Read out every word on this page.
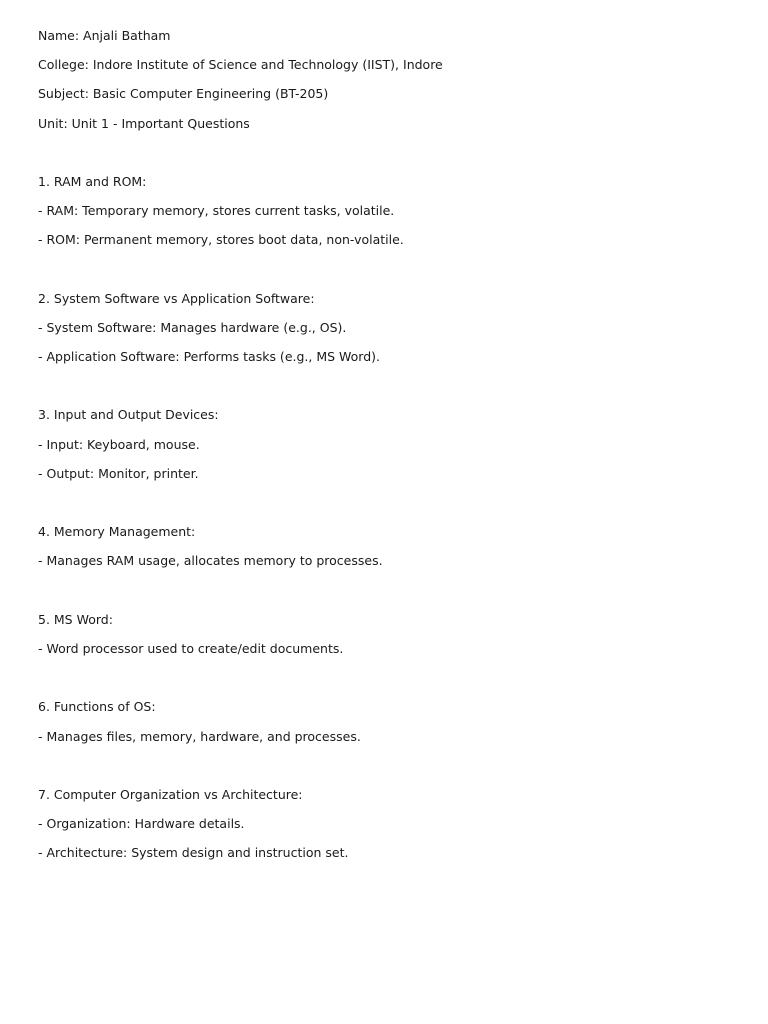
Name: Anjali Batham
College: Indore Institute of Science and Technology (IIST), Indore
Subject: Basic Computer Engineering (BT-205)
Unit: Unit 1 - Important Questions
1. RAM and ROM:
- RAM: Temporary memory, stores current tasks, volatile.
- ROM: Permanent memory, stores boot data, non-volatile.
2. System Software vs Application Software:
- System Software: Manages hardware (e.g., OS).
- Application Software: Performs tasks (e.g., MS Word).
3. Input and Output Devices:
- Input: Keyboard, mouse.
- Output: Monitor, printer.
4. Memory Management:
- Manages RAM usage, allocates memory to processes.
5. MS Word:
- Word processor used to create/edit documents.
6. Functions of OS:
- Manages files, memory, hardware, and processes.
7. Computer Organization vs Architecture:
- Organization: Hardware details.
- Architecture: System design and instruction set.
